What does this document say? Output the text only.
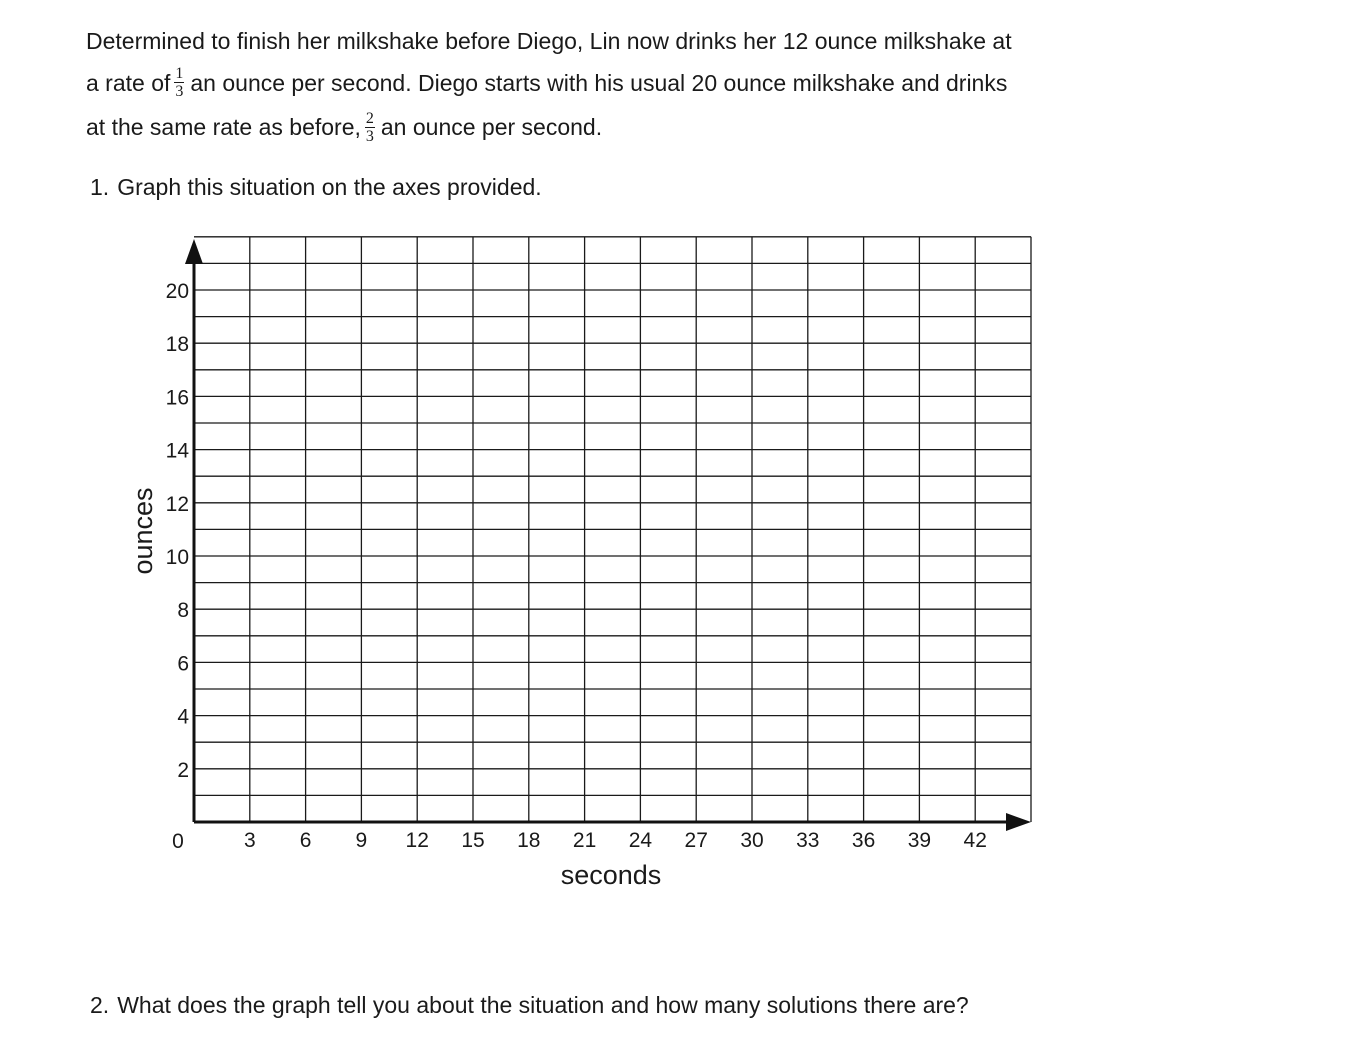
Determined to finish her milkshake before Diego, Lin now drinks her 12 ounce milkshake at
a rate of $\frac{1}{3}$ an ounce per second. Diego starts with his usual 20 ounce milkshake and drinks
at the same rate as before, $\frac{2}{3}$ an ounce per second.
1. Graph this situation on the axes provided.
3 6 9 12 15 18 21 24 27 30 33 36 39 42
2
4
6
8
10
12
14
16
18
20
0
seconds
ounces
2. What does the graph tell you about the situation and how many solutions there are?
